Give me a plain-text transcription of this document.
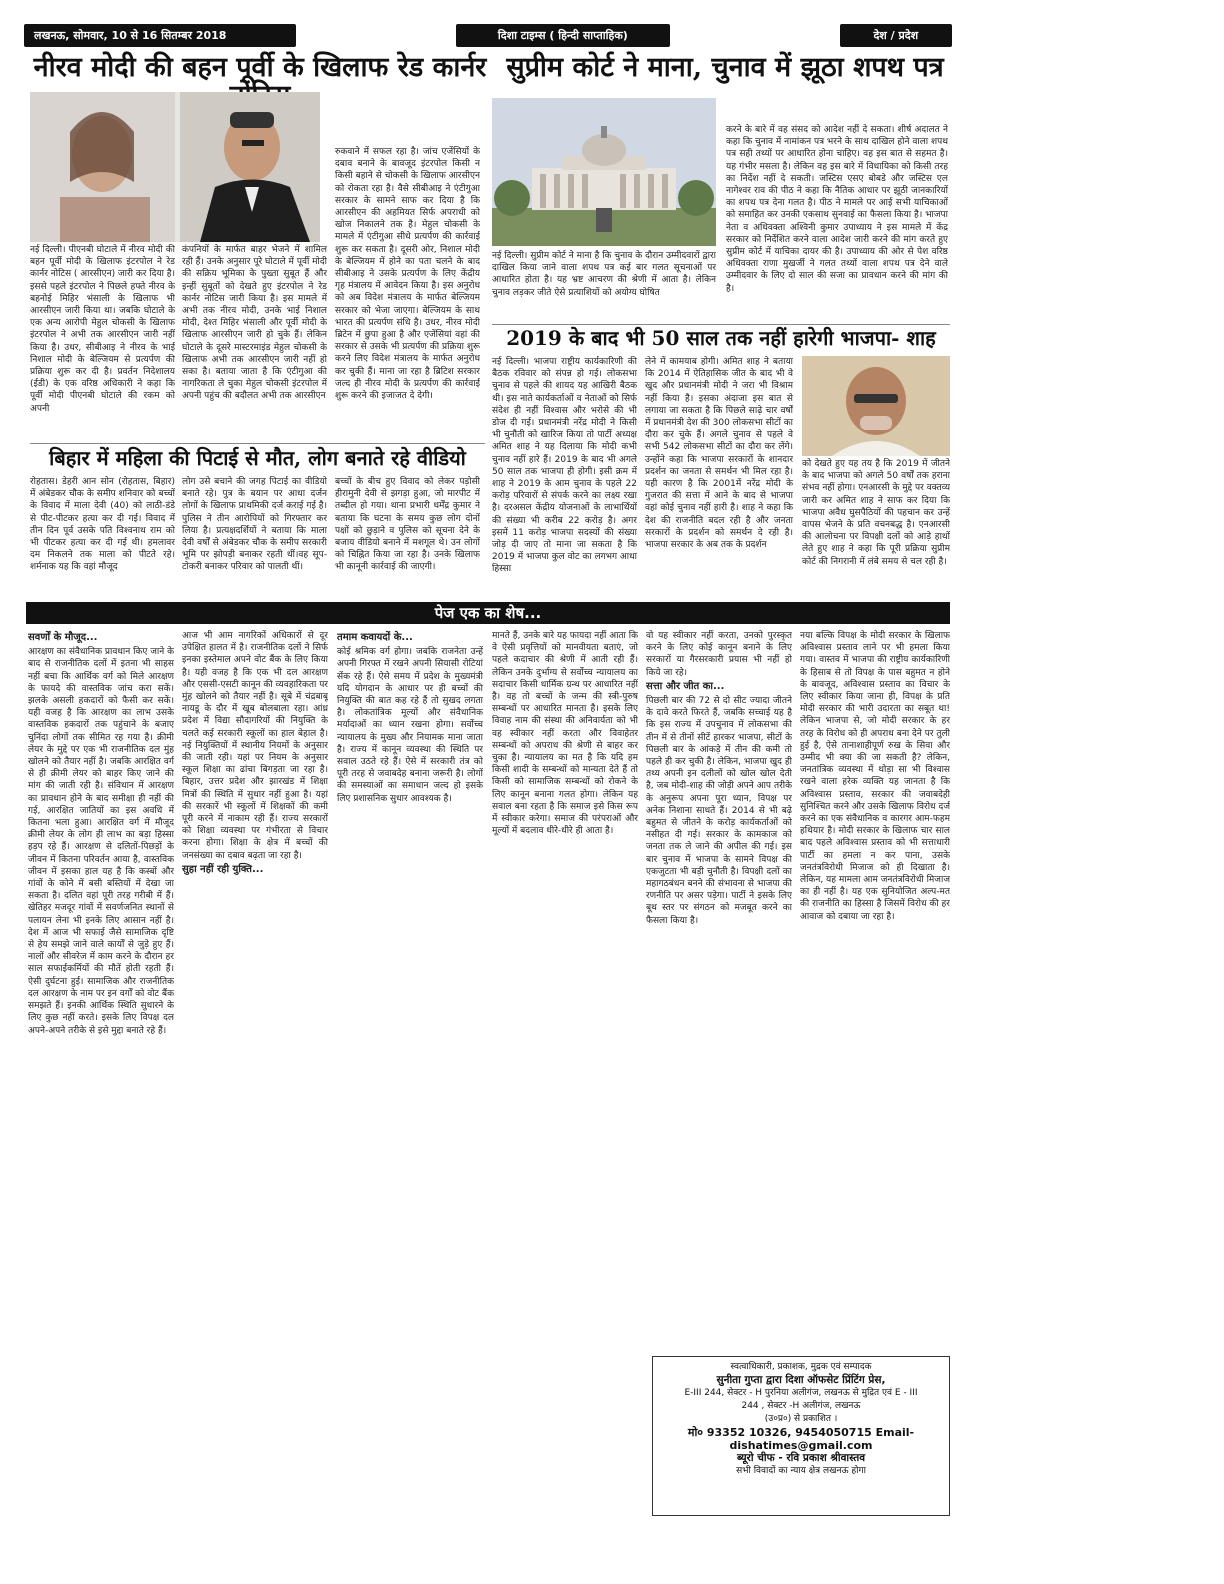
लखनऊ, सोमवार, 10 से 16 सितम्बर 2018	दिशा टाइम्स ( हिन्दी साप्ताहिक)	देश / प्रदेश 4
नीरव मोदी की बहन पूर्वी के खिलाफ रेड कार्नर
नई दिल्ली। पीएनबी घोटाले में नीरव मोदी की बहन पूर्वी मोदी के खिलाफ इंटरपोल ने रेड कार्नर नोटिस ( आरसीएन) जारी कर दिया है। इससे पहले इंटरपोल ने पिछले हफ्ते नीरव के बहनोई मिहिर भंसाली के खिलाफ भी आरसीएन जारी किया था। जबकि घोटाले के एक अन्य आरोपी मेहुल चोकसी के खिलाफ इंटरपोल ने अभी तक आरसीएन जारी नहीं किया है। उधर, सीबीआइ ने नीरव के भाई निशाल मोदी के बेल्जियम से प्रत्यर्पण की प्रक्रिया शुरू कर दी है। प्रवर्तन निदेशालय (ईडी) के एक वरिष्ठ अधिकारी ने कहा कि पूर्वी मोदी पीएनबी घोटाले की रकम को अपनी
कंपनियों के मार्फत बाहर भेजने में शामिल रही हैं। उनके अनुसार पूरे घोटाले में पूर्वी मोदी की सक्रिय भूमिका के पुख्ता सुबूत हैं और इन्हीं सुबूतों को देखते हुए इंटरपोल ने रेड कार्नर नोटिस जारी किया है। इस मामले में अभी तक नीरव मोदी, उनके भाई निशाल मोदी, देश्त मिहिर भंसाली और पूर्वी मोदी के खिलाफ आरसीएन जारी हो चुके हैं। लेकिन घोटाले के दूसरे मास्टरमाइंड मेहुल चोकसी के खिलाफ अभी तक आरसीएन जारी नहीं हो सका है। बताया जाता है कि एंटीगुआ की नागरिकता ले चुका मेहुल चोकसी इंटरपोल में अपनी पहुंच की बदौलत अभी तक आरसीएन
रुकवाने में सफल रहा है। जांच एजेंसियों के दबाव बनाने के बावजूद इंटरपोल किसी न किसी बहाने से चोकसी के खिलाफ आरसीएन को रोकता रहा है। वैसे सीबीआइ ने एंटीगुआ सरकार के सामने साफ कर दिया है कि आरसीएन की अहमियत सिर्फ अपराधी को खोज निकालने तक है। मेहुल चोकसी के मामले में एंटीगुआ सीधे प्रत्यर्पण की कार्रवाई शुरू कर सकता है। दूसरी ओर, निशाल मोदी के बेल्जियम में होने का पता चलने के बाद सीबीआइ ने उसके प्रत्यर्पण के लिए केंद्रीय गृह मंत्रालय में आवेदन किया है। इस अनुरोध को अब विदेश मंत्रालय के मार्फत बेल्जियम सरकार को भेजा जाएगा। बेल्जियम के साथ भारत की प्रत्यर्पण संधि है। उधर, नीरव मोदी ब्रिटेन में छुपा हुआ है और एजेंसियां वहां की सरकार से उसके भी प्रत्यर्पण की प्रक्रिया शुरू करने लिए विदेश मंत्रालय के मार्फत अनुरोध कर चुकी हैं। माना जा रहा है ब्रिटिश सरकार जल्द ही नीरव मोदी के प्रत्यर्पण की कार्रवाई शुरू करने की इजाजत दे देगी।
बिहार में महिला की पिटाई से मौत, लोग बनाते रहे वीडियो
रोहतास। डेहरी आन सोन (रोहतास, बिहार) में अंबेडकर चौक के समीप शनिवार को बच्चों के विवाद में माला देवी (40) को लाठी-डंडे से पीट-पीटकर हत्या कर दी गई। विवाद में तीन दिन पूर्व उसके पति विश्वनाथ राम को भी पीटकर हत्या कर दी गई थी। हमलावर दम निकलने तक माला को पीटते रहे। शर्मनाक यह कि वहां मौजूद
लोग उसे बचाने की जगह पिटाई का वीडियो बनाते रहे। पुत्र के बयान पर आधा दर्जन लोगों के खिलाफ प्राथमिकी दर्ज कराई गई है। पुलिस ने तीन आरोपियों को गिरफ्तार कर लिया है। प्रत्यक्षदर्शियों ने बताया कि माला देवी वर्षों से अंबेडकर चौक के समीप सरकारी भूमि पर झोपड़ी बनाकर रहती थीं।वह सूप-टोकरी बनाकर परिवार को पालती थीं।
बच्चों के बीच हुए विवाद को लेकर पड़ोसी हीरामुनी देवी से झगड़ा हुआ, जो मारपीट में तब्दील हो गया। थाना प्रभारी धर्मेंद्र कुमार ने बताया कि घटना के समय कुछ लोग दोनों पक्षों को छुड़ाने व पुलिस को सूचना देने के बजाय वीडियो बनाने में मशगूल थे। उन लोगों को चिह्नित किया जा रहा है। उनके खिलाफ भी कानूनी कार्रवाई की जाएगी।
सुप्रीम कोर्ट ने माना, चुनाव में झूठा शपथ पत्र
नई दिल्ली। सुप्रीम कोर्ट ने माना है कि चुनाव के दौरान उम्मीदवारों द्वारा दाखिल किया जाने वाला शपथ पत्र कई बार गलत सूचनाओं पर आधारित होता है। यह भ्रष्ट आचरण की श्रेणी में आता है। लेकिन चुनाव लड़कर जीते ऐसे प्रत्याशियों को अयोग्य घोषित
करने के बारे में वह संसद को आदेश नहीं दे सकता। शीर्ष अदालत ने कहा कि चुनाव में नामांकन पत्र भरने के साथ दाखिल होने वाला शपथ पत्र सही तथ्यों पर आधारित होना चाहिए। वह इस बात से सहमत है। यह गंभीर मसला है। लेकिन वह इस बारे में विधायिका को किसी तरह का निर्देश नहीं दे सकती। जस्टिस एसए बोबडे और जस्टिस एल नागेश्वर राव की पीठ ने कहा कि नैतिक आधार पर झूठी जानकारियों का शपथ पत्र देना गलत है। पीठ ने मामले पर आई सभी याचिकाओं को समाहित कर उनकी एकसाथ सुनवाई का फैसला किया है। भाजपा नेता व अधिवक्ता अश्विनी कुमार उपाध्याय ने इस मामले में केंद्र सरकार को निर्देशित करने वाला आदेश जारी करने की मांग करते हुए सुप्रीम कोर्ट में याचिका दायर की है। उपाध्याय की ओर से पेश वरिष्ठ अधिवक्ता राणा मुखर्जी ने गलत तथ्यों वाला शपथ पत्र देने वाले उम्मीदवार के लिए दो साल की सजा का प्रावधान करने की मांग की है।
2019 के बाद भी 50 साल तक नहीं हारेगी भाजपा- शाह
नई दिल्ली। भाजपा राष्ट्रीय कार्यकारिणी की बैठक रविवार को संपन्न हो गई। लोकसभा चुनाव से पहले की शायद यह आखिरी बैठक थी। इस नाते कार्यकर्ताओं व नेताओं को सिर्फ संदेश ही नहीं विश्वास और भरोसे की भी डोज दी गई। प्रधानमंत्री नरेंद्र मोदी ने किसी भी चुनौती को खारिज किया तो पार्टी अध्यक्ष अमित शाह ने यह दिलाया कि मोदी कभी चुनाव नहीं हारे हैं। 2019 के बाद भी अगले 50 साल तक भाजपा ही होगी। इसी क्रम में शाह ने 2019 के आम चुनाव के पहले 22 करोड़ परिवारों से संपर्क करने का लक्ष्य रखा है। दरअसल केंद्रीय योजनाओं के लाभार्थियों की संख्या भी करीब 22 करोड़ है। अगर इसमें 11 करोड़ भाजपा सदस्यों की संख्या जोड़ दी जाए तो माना जा सकता है कि 2019 में भाजपा कुल वोट का लगभग आधा हिस्सा
लेने में कामयाब होगी। अमित शाह ने बताया कि 2014 में ऐतिहासिक जीत के बाद भी वे खुद और प्रधानमंत्री मोदी ने जरा भी विश्राम नहीं किया है। इसका अंदाजा इस बात से लगाया जा सकता है कि पिछले साढ़े चार वर्षों में प्रधानमंत्री देश की 300 लोकसभा सीटों का दौरा कर चुके हैं। अगले चुनाव से पहले वे सभी 542 लोकसभा सीटों का दौरा कर लेंगे। उन्होंने कहा कि भाजपा सरकारों के शानदार प्रदर्शन का जनता से समर्थन भी मिल रहा है। यही कारण है कि 2001में नरेंद्र मोदी के गुजरात की सत्ता में आने के बाद से भाजपा वहां कोई चुनाव नहीं हारी है। शाह ने कहा कि देश की राजनीति बदल रही है और जनता सरकारों के प्रदर्शन को समर्थन दे रही है। भाजपा सरकार के अब तक के प्रदर्शन
को देखते हुए यह तय है कि 2019 में जीतने के बाद भाजपा को अगले 50 वर्षों तक हराना संभव नहीं होगा। एनआरसी के मुद्दे पर वक्तव्य जारी कर अमित शाह ने साफ कर दिया कि भाजपा अवैध घुसपैठियों की पहचान कर उन्हें वापस भेजने के प्रति वचनबद्ध है। एनआरसी की आलोचना पर विपक्षी दलों को आड़े हाथों लेते हुए शाह ने कहा कि पूरी प्रक्रिया सुप्रीम कोर्ट की निगरानी में लंबे समय से चल रही है।
पेज एक का शेष...
सवर्णों के मौजूद...
आरक्षण का संवैधानिक प्रावधान किए जाने के बाद से राजनीतिक दलों में इतना भी साहस नहीं बचा कि आर्थिक वर्ग को मिले आरक्षण के फायदे की वास्तविक जांच करा सकें। झलके असली हकदारों को फैसी कर सकें। यही वजह है कि आरक्षण का लाभ उसके वास्तविक हकदारों तक पहुंचाने के बजाए चुनिंदा लोगों तक सीमित रह गया है। क्रीमी लेयर के मुद्दे पर एक भी राजनीतिक दल मुंह खोलने को तैयार नहीं है। जबकि आरक्षित वर्ग से ही क्रीमी लेयर को बाहर किए जाने की मांग की जाती रही है। संविधान में आरक्षण का प्रावधान होने के बाद समीक्षा ही नहीं की गई, आरक्षित जातियों का इस अवधि में कितना भला हुआ। आरक्षित वर्ग में मौजूद क्रीमी लेयर के लोग ही लाभ का बड़ा हिस्सा हड़प रहे हैं। आरक्षण से दलितों-पिछड़ों के जीवन में कितना परिवर्तन आया है, वास्तविक जीवन में इसका हाल यह है कि कस्बों और गांवों के कोने में बसी बस्तियों में देखा जा सकता है। दलित वहां पूरी तरह गरीबी में हैं। खेतिहर मजदूर गांवों में सवर्णजनित स्थानों से पलायन लेना भी इनके लिए आसान नहीं है। देश में आज भी सफाई जैसे सामाजिक दृष्टि से हेय समझे जाने वाले कार्यों से जुड़े हुए हैं। नालों और सीवरेज में काम करने के दौरान हर साल सफाईकर्मियों की मौतें होती रहती हैं। ऐसी दुर्घटना हुई। सामाजिक और राजनीतिक दल आरक्षण के नाम पर इन वर्गों को वोट बैंक समझते हैं। इनकी आर्थिक स्थिति सुधारने के लिए कुछ नहीं करते। इसके लिए विपक्ष दल अपने-अपने तरीके से इसे मुद्दा बनाते रहे हैं।
आज भी आम नागरिकों अधिकारों से दूर उपेक्षित हालत में है। राजनीतिक दलों ने सिर्फ इनका इस्तेमाल अपने वोट बैंक के लिए किया है। यही वजह है कि एक भी दल आरक्षण और एससी-एसटी कानून की व्यवहारिकता पर मुंह खोलने को तैयार नहीं है। सूबे में चंद्रबाबू नायडू के दौर में खूब बोलबाला रहा। आंध्र प्रदेश में विद्या सौदागरियों की नियुक्ति के चलते कई सरकारी स्कूलों का हाल बेहाल है। नई नियुक्तियों में स्थानीय नियमों के अनुसार की जाती रही। यहां पर नियम के अनुसार स्कूल शिक्षा का ढांचा बिगड़ता जा रहा है। बिहार, उत्तर प्रदेश और झारखंड में शिक्षा मित्रों की स्थिति में सुधार नहीं हुआ है। यहां की सरकारें भी स्कूलों में शिक्षकों की कमी पूरी करने में नाकाम रही हैं। राज्य सरकारों को शिक्षा व्यवस्था पर गंभीरता से विचार करना होगा। शिक्षा के क्षेत्र में बच्चों की जनसंख्या का दबाव बढ़ता जा रहा है।
सुहा नहीं रही युक्ति...
तमाम कवायदों के...
कोई श्रमिक वर्ग होगा। जबकि राजनेता उन्हें अपनी गिरफ्त में रखने अपनी सियासी रोटियां सेंक रहे हैं। ऐसे समय में प्रदेश के मुख्यमंत्री यदि योगदान के आधार पर ही बच्चों की नियुक्ति की बात कह रहे हैं तो सुखद लगता है। लोकतांत्रिक मूल्यों और संवैधानिक मर्यादाओं का ध्यान रखना होगा। सर्वोच्च न्यायालय के मुख्य और नियामक माना जाता है। राज्य में कानून व्यवस्था की स्थिति पर सवाल उठते रहे हैं। ऐसे में सरकारी तंत्र को पूरी तरह से जवाबदेह बनाना जरूरी है। लोगों की समस्याओं का समाधान जल्द हो इसके लिए प्रशासनिक सुधार आवश्यक है।
मानते हैं, उनके बारे यह फायदा नहीं आता कि वे ऐसी प्रवृत्तियों को मानवीयता बताएं, जो पहले कदाचार की श्रेणी में आती रही हैं। लेकिन उनके दुर्भाग्य से सर्वोच्च न्यायालय का सदाचार किसी धार्मिक ग्रन्थ पर आधारित नहीं है। वह तो बच्चों के जन्म की स्त्री-पुरुष सम्बन्धों पर आधारित मानता है। इसके लिए विवाह नाम की संस्था की अनिवार्यता को भी वह स्वीकार नहीं करता और विवाहेतर सम्बन्धों को अपराध की श्रेणी से बाहर कर चुका है। न्यायालय का मत है कि यदि हम किसी शादी के सम्बन्धों को मान्यता देते हैं तो किसी को सामाजिक सम्बन्धों को रोकने के लिए कानून बनाना गलत होगा। लेकिन यह सवाल बना रहता है कि समाज इसे किस रूप में स्वीकार करेगा। समाज की परंपराओं और मूल्यों में बदलाव धीरे-धीरे ही आता है।
वो यह स्वीकार नहीं करता, उनको पुरस्कृत करने के लिए कोई कानून बनाने के लिए सरकारों या गैरसरकारी प्रयास भी नहीं हो किये जा रहे।
सत्ता और जीत का...
पिछली बार की 72 से दो सीट ज्यादा जीतने के दावे करते फिरते हैं, जबकि सच्चाई यह है कि इस राज्य में उपचुनाव में लोकसभा की तीन में से तीनों सीटें हारकर भाजपा, सीटों के पिछली बार के आंकड़े में तीन की कमी तो पहले ही कर चुकी है। लेकिन, भाजपा खुद ही तथ्य अपनी इन दलीलों को खोल खोल देती है, जब मोदी-शाह की जोड़ी अपने आप तरीके के अनुरूप अपना पूरा ध्यान, विपक्ष पर अनेक निशाना साधते हैं। 2014 से भी बढ़े बहुमत से जीतने के करोड़ कार्यकर्ताओं को नसीहत दी गई। सरकार के कामकाज को जनता तक ले जाने की अपील की गई। इस बार चुनाव में भाजपा के सामने विपक्ष की एकजुटता भी बड़ी चुनौती है। विपक्षी दलों का महागठबंधन बनने की संभावना से भाजपा की रणनीति पर असर पड़ेगा। पार्टी ने इसके लिए बूथ स्तर पर संगठन को मजबूत करने का फैसला किया है।
नया बल्कि विपक्ष के मोदी सरकार के खिलाफ अविश्वास प्रस्ताव लाने पर भी हमला किया गया। वास्तव में भाजपा की राष्ट्रीय कार्यकारिणी के हिसाब से तो विपक्ष के पास बहुमत न होने के बावजूद, अविश्वास प्रस्ताव का विचार के लिए स्वीकार किया जाना ही, विपक्ष के प्रति मोदी सरकार की भारी उदारता का सबूत था! लेकिन भाजपा से, जो मोदी सरकार के हर तरह के विरोध को ही अपराध बना देने पर तुली हुई है, ऐसे तानाशाहीपूर्ण रुख के सिवा और उम्मीद भी क्या की जा सकती है? लेकिन, जनतांत्रिक व्यवस्था में थोड़ा सा भी विश्वास रखने वाला हरेक व्यक्ति यह जानता है कि अविश्वास प्रस्ताव, सरकार की जवाबदेही सुनिश्चित करने और उसके खिलाफ विरोध दर्ज करने का एक संवैधानिक व कारगर आम-फहम हथियार है। मोदी सरकार के खिलाफ चार साल बाद पहले अविश्वास प्रस्ताव को भी सत्ताधारी पार्टी का हमला न कर पाना, उसके जनतंत्रविरोधी मिजाज को ही दिखाता है। लेकिन, यह मामला आम जनतंत्रविरोधी मिजाज का ही नहीं है। यह एक सुनियोजित अल्प-मत की राजनीति का हिस्सा है जिसमें विरोध की हर आवाज को दबाया जा रहा है।
स्वत्वाधिकारी, प्रकाशक, मुद्रक एवं सम्पादक
सुनीता गुप्ता द्वारा दिशा ऑफसेट प्रिंटिंग प्रेस,
E-III 244, सेक्टर - H पुरनिया अलीगंज, लखनऊ से मुद्रित एवं E - III
244 , सेक्टर -H अलीगंज, लखनऊ
(उ०प्र०) से प्रकाशित ।
मो० 93352 10326, 9454050715 Email-
dishatimes@gmail.com
ब्यूरो चीफ - रवि प्रकाश श्रीवास्तव
सभी विवादों का न्याय क्षेत्र लखनऊ होगा
